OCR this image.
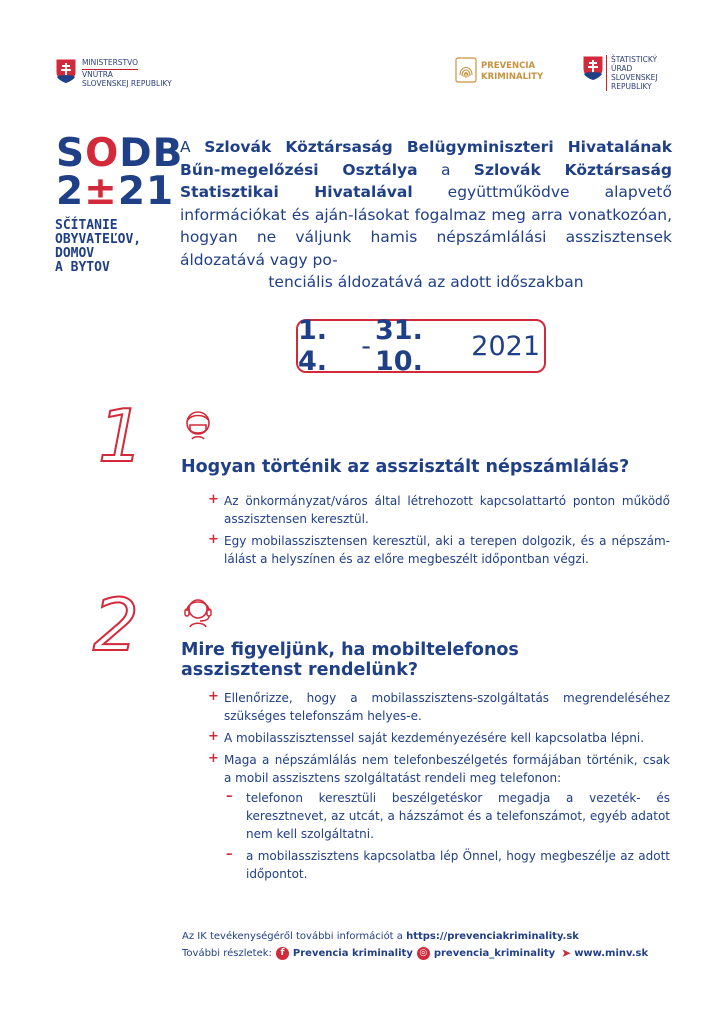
MINISTERSTVO
VNÚTRA
SLOVENSKEJ REPUBLIKY
PREVENCIA
KRIMINALITY
ŠTATISTICKÝ
ÚRAD
SLOVENSKEJ
REPUBLIKY
SODB
2±21
SČÍTANIE
OBYVATEĽOV,
DOMOV
A BYTOV
A Szlovák Köztársaság Belügyminiszteri Hivatalának Bűn-megelőzési Osztálya a Szlovák Köztársaság Statisztikai Hivatalával együttműködve alapvető információkat és aján-lásokat fogalmaz meg arra vonatkozóan, hogyan ne váljunk hamis népszámlálási asszisztensek áldozatává vagy po-
tenciális áldozatává az adott időszakban
1. 4.	- 31. 10.	2021
1 Hogyan történik az asszisztált népszámlálás?
+ Az önkormányzat/város által létrehozott kapcsolattartó ponton működő asszisztensen keresztül.
+ Egy mobilasszisztensen keresztül, aki a terepen dolgozik, és a népszám-lálást a helyszínen és az előre megbeszélt időpontban végzi.
2 Mire figyeljünk, ha mobiltelefonos asszisztenst rendelünk?
+ Ellenőrizze, hogy a mobilasszisztens-szolgáltatás megrendeléséhez szükséges telefonszám helyes-e.
+ A mobilasszisztenssel saját kezdeményezésére kell kapcsolatba lépni.
+ Maga a népszámlálás nem telefonbeszélgetés formájában történik, csak a mobil asszisztens szolgáltatást rendeli meg telefonon:
– telefonon keresztüli beszélgetéskor megadja a vezeték- és keresztnevet, az utcát, a házszámot és a telefonszámot, egyéb adatot nem kell szolgáltatni.
– a mobilasszisztens kapcsolatba lép Önnel, hogy megbeszélje az adott időpontot.
Az IK tevékenységéről további információt a https://prevenciakriminality.sk
További részletek: f Prevencia kriminality ◎ prevencia_kriminality ➤ www.minv.sk
